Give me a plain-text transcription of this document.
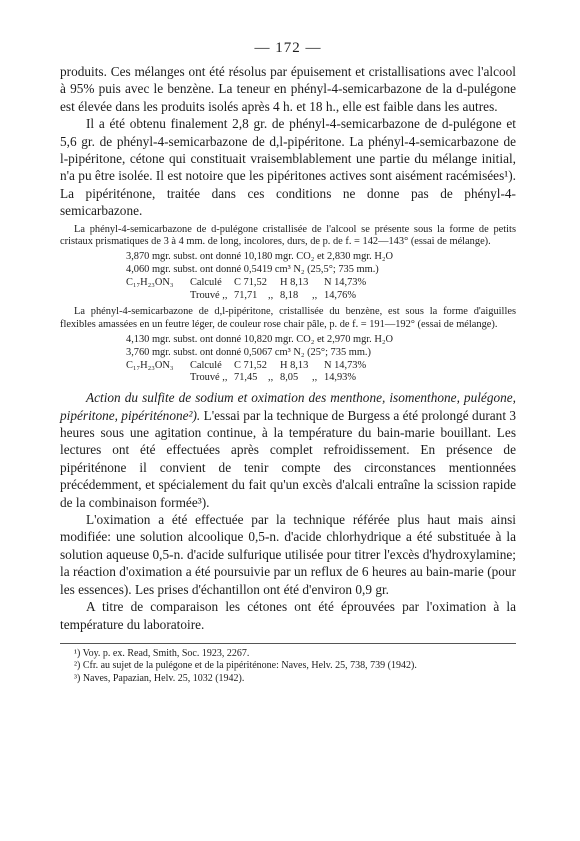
— 172 —

produits. Ces mélanges ont été résolus par épuisement et cristallisations avec l'alcool à 95% puis avec le benzène. La teneur en phényl-4-semicarbazone de la d-pulégone est élevée dans les produits isolés après 4 h. et 18 h., elle est faible dans les autres.

Il a été obtenu finalement 2,8 gr. de phényl-4-semicarbazone de d-pulégone et 5,6 gr. de phényl-4-semicarbazone de d,l-pipéritone. La phényl-4-semicarbazone de l-pipéritone, cétone qui constituait vraisemblablement une partie du mélange initial, n'a pu être isolée. Il est notoire que les pipéritones actives sont aisément racémisées¹). La pipériténone, traitée dans ces conditions ne donne pas de phényl-4-semicarbazone.

La phényl-4-semicarbazone de d-pulégone cristallisée de l'alcool se présente sous la forme de petits cristaux prismatiques de 3 à 4 mm. de long, incolores, durs, de p. de f. = 142—143° (essai de mélange).

3,870 mgr. subst. ont donné 10,180 mgr. CO₂ et 2,830 mgr. H₂O
4,060 mgr. subst. ont donné 0,5419 cm³ N₂ (25,5°; 735 mm.)
C₁₇H₂₃ON₃	Calculé	C 71,52 H 8,13	N 14,73%
Trouvé ,, 71,71	,, 8,18	,, 14,76%

La phényl-4-semicarbazone de d,l-pipéritone, cristallisée du benzène, est sous la forme d'aiguilles flexibles amassées en un feutre léger, de couleur rose chair pâle, p. de f. = 191—192° (essai de mélange).

4,130 mgr. subst. ont donné 10,820 mgr. CO₂ et 2,970 mgr. H₂O
3,760 mgr. subst. ont donné 0,5067 cm³ N₂ (25°; 735 mm.)
C₁₇H₂₃ON₃	Calculé	C 71,52 H 8,13	N 14,73%
Trouvé ,, 71,45	,, 8,05	,, 14,93%

Action du sulfite de sodium et oximation des menthone, isomenthone, pulégone, pipéritone, pipériténone²). L'essai par la technique de Burgess a été prolongé durant 3 heures sous une agitation continue, à la température du bain-marie bouillant. Les lectures ont été effectuées après complet refroidissement. En présence de pipériténone il convient de tenir compte des circonstances mentionnées précédemment, et spécialement du fait qu'un excès d'alcali entraîne la scission rapide de la combinaison formée³).

L'oximation a été effectuée par la technique référée plus haut mais ainsi modifiée: une solution alcoolique 0,5-n. d'acide chlorhydrique a été substituée à la solution aqueuse 0,5-n. d'acide sulfurique utilisée pour titrer l'excès d'hydroxylamine; la réaction d'oximation a été poursuivie par un reflux de 6 heures au bain-marie (pour les essences). Les prises d'échantillon ont été d'environ 0,9 gr.

A titre de comparaison les cétones ont été éprouvées par l'oximation à la température du laboratoire.

¹) Voy. p. ex. Read, Smith, Soc. 1923, 2267.
²) Cfr. au sujet de la pulégone et de la pipériténone: Naves, Helv. 25, 738, 739 (1942).
³) Naves, Papazian, Helv. 25, 1032 (1942).
